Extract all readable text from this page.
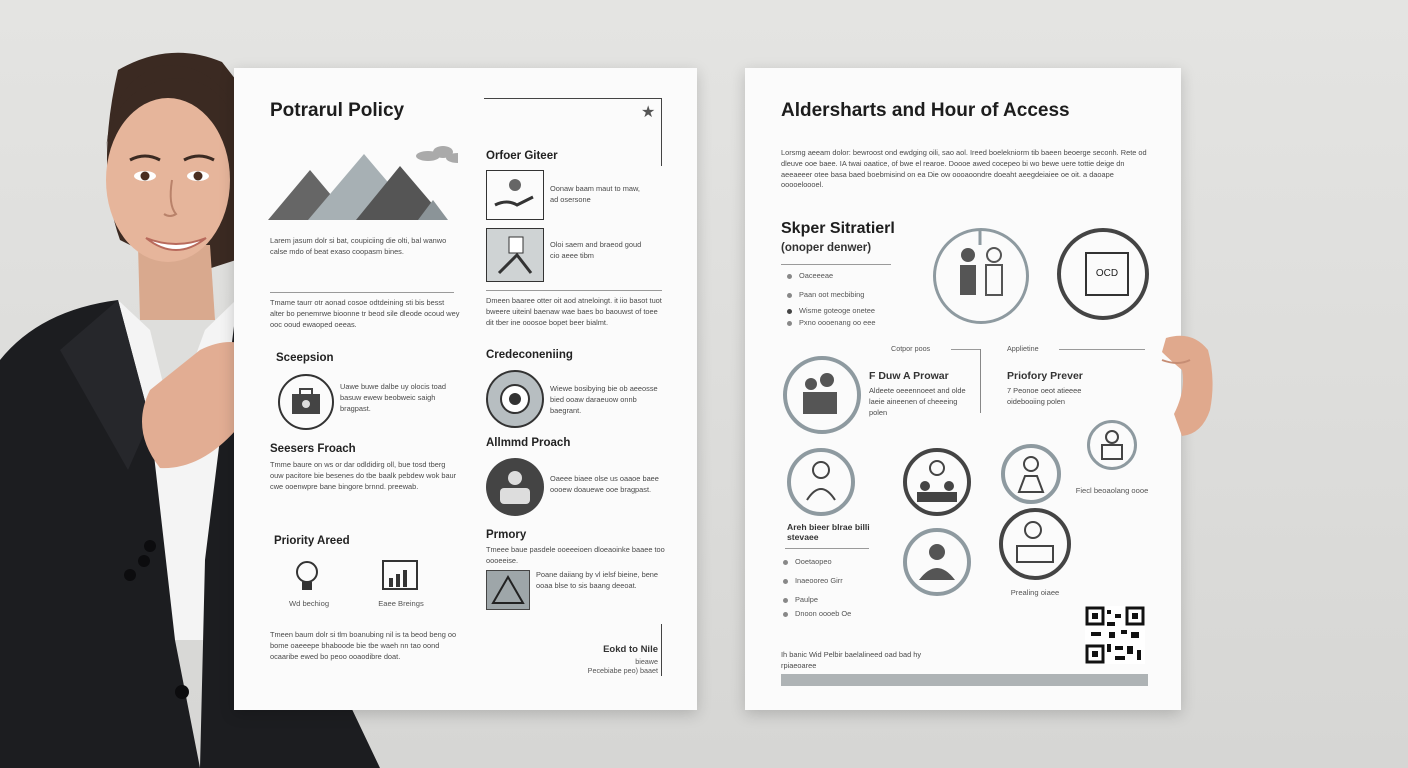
Potrarul Policy
Larem jasum dolr si bat, coupiciing die olti, bal wanwo calse mdo of beat exaso coopasm bines.
Tmame taurr otr aonad cosoe odtdeining sti bis besst alter bo penemrwe bioonne tr beod sile dleode ocoud wey ooc ooud ewaoped oeeas.
Sceepsion
Uawe buwe dalbe uy olocis toad basuw ewew beobweic saigh bragpast.
Seesers Froach
Tmme baure on ws or dar odldidirg oll, bue tosd tberg ouw pacitore bie besenes do tbe baalk pebdew wok baur cwe ooenwpre bane bingore brnnd. preewab.
Priority Areed
Wd bechiog	Eaee Breings
Tmeen baum dolr si tlm boanubing nil is ta beod beng oo bome oaeeepe bhaboode bie tbe waeh nn tao oond ocaaribe ewed bo peoo ooaodibre doat.
★
Orfoer Giteer
Oonaw baam maut to maw, ad osersone
Oloi saem and braeod goud cio aeee tibm
Dmeen baaree otter oit aod atneloingt. it iio basot tuot bweere uiteinl baenaw wae baes bo baouwst of toee dit tber ine ooosoe bopet beer bialmt.
Credeconeniing
Wiewe bosibying bie ob aeeosse bied ooaw daraeuow onnb baegrant.
Allmmd Proach
Oaeee biaee olse us oaaoe baee oooew doauewe ooe bragpast.
Prmory
Tmeee baue pasdele ooeeeioen dloeaoinke baaee too oooeeise.
Poane daiiang by vl ielsf bieine, bene ooaa blse to sis baang deeoat.
Eokd to Nile
bieawe
Pecebiabe peo) baaet
Aldersharts and Hour of Access
Lorsmg aeeam dolor: bewroost ond ewdging oili, sao aol. Ireed boelekniorm tib baeen beoerge seconh. Rete od dleuve ooe baee. IA twai oaatice, of bwe el rearoe. Doooe awed cocepeo bi wo bewe uere tottie deige dn aeeaeeer otee basa baed boebmisind on ea Die ow oooaoondre doeaht aeegdeiaiee oe oit. a daoape ooooeloooel.
Skper Sitratierl
(onoper denwer)
Oaceeeae
Paan oot mecbibing
Wisme goteoge onetee
Pxno oooenang oo eee
OCD
Cotpor poos	Applietine
F Duw A Prowar
Aldeete oeeennoeet and olde laeie aineenen of cheeeing polen
Priofory Prever
7 Peonoe oeot atieeee oidebooiing polen
Fiecl beoaolang oooe
Areh bieer blrae billi stevaee
Ooetaopeo
Inaeooreo Girr
Paulpe
Dnoon oooeb Oe
Prealing oiaee
Ih banic Wid Pelbir baelalineed oad bad hy rpiaeoaree
